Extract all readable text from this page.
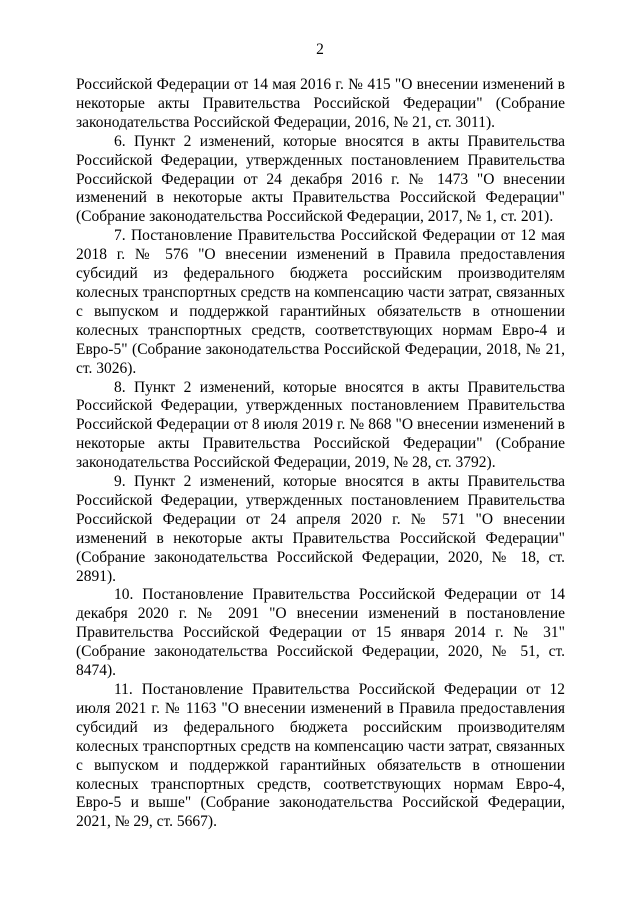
2

Российской Федерации от 14 мая 2016 г. № 415 "О внесении изменений в некоторые акты Правительства Российской Федерации" (Собрание законодательства Российской Федерации, 2016, № 21, ст. 3011).

6. Пункт 2 изменений, которые вносятся в акты Правительства Российской Федерации, утвержденных постановлением Правительства Российской Федерации от 24 декабря 2016 г. № 1473 "О внесении изменений в некоторые акты Правительства Российской Федерации" (Собрание законодательства Российской Федерации, 2017, № 1, ст. 201).

7. Постановление Правительства Российской Федерации от 12 мая 2018 г. № 576 "О внесении изменений в Правила предоставления субсидий из федерального бюджета российским производителям колесных транспортных средств на компенсацию части затрат, связанных с выпуском и поддержкой гарантийных обязательств в отношении колесных транспортных средств, соответствующих нормам Евро-4 и Евро-5" (Собрание законодательства Российской Федерации, 2018, № 21, ст. 3026).

8. Пункт 2 изменений, которые вносятся в акты Правительства Российской Федерации, утвержденных постановлением Правительства Российской Федерации от 8 июля 2019 г. № 868 "О внесении изменений в некоторые акты Правительства Российской Федерации" (Собрание законодательства Российской Федерации, 2019, № 28, ст. 3792).

9. Пункт 2 изменений, которые вносятся в акты Правительства Российской Федерации, утвержденных постановлением Правительства Российской Федерации от 24 апреля 2020 г. № 571 "О внесении изменений в некоторые акты Правительства Российской Федерации" (Собрание законодательства Российской Федерации, 2020, № 18, ст. 2891).

10. Постановление Правительства Российской Федерации от 14 декабря 2020 г. № 2091 "О внесении изменений в постановление Правительства Российской Федерации от 15 января 2014 г. № 31" (Собрание законодательства Российской Федерации, 2020, № 51, ст. 8474).

11. Постановление Правительства Российской Федерации от 12 июля 2021 г. № 1163 "О внесении изменений в Правила предоставления субсидий из федерального бюджета российским производителям колесных транспортных средств на компенсацию части затрат, связанных с выпуском и поддержкой гарантийных обязательств в отношении колесных транспортных средств, соответствующих нормам Евро-4, Евро-5 и выше" (Собрание законодательства Российской Федерации, 2021, № 29, ст. 5667).
